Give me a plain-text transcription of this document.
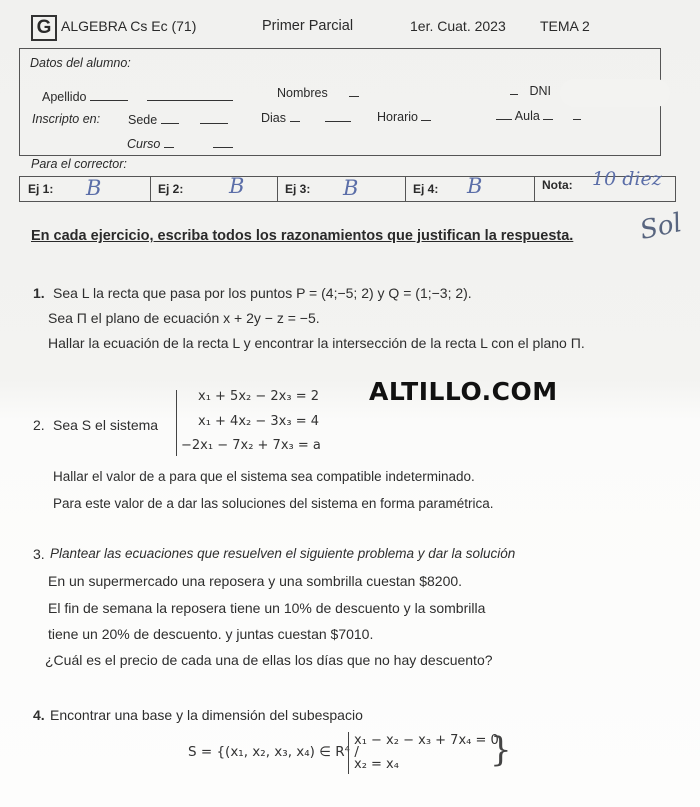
G ALGEBRA Cs Ec (71)	Primer Parcial	1er. Cuat. 2023 TEMA 2
Datos del alumno:
Apellido	Nombres	DNI
Inscripto en: Sede	Dias	Horario	Aula
Curso
Para el corrector:
Ej 1: B	Ej 2: B	Ej 3: B	Ej 4: B	Nota: 10 diez
Sol
En cada ejercicio, escriba todos los razonamientos que justifican la respuesta.
1. Sea L la recta que pasa por los puntos P = (4;−5; 2) y Q = (1;−3; 2).
Sea Π el plano de ecuación x + 2y − z = −5.
Hallar la ecuación de la recta L y encontrar la intersección de la recta L con el plano Π.
ALTILLO.COM
2. Sea S el sistema
x₁ + 5x₂ − 2x₃ = 2
x₁ + 4x₂ − 3x₃ = 4
−2x₁ − 7x₂ + 7x₃ = a
Hallar el valor de a para que el sistema sea compatible indeterminado.
Para este valor de a dar las soluciones del sistema en forma paramétrica.
3. Plantear las ecuaciones que resuelven el siguiente problema y dar la solución
En un supermercado una reposera y una sombrilla cuestan $8200.
El fin de semana la reposera tiene un 10% de descuento y la sombrilla
tiene un 20% de descuento. y juntas cuestan $7010.
¿Cuál es el precio de cada una de ellas los días que no hay descuento?
4. Encontrar una base y la dimensión del subespacio
S = {(x₁, x₂, x₃, x₄) ∈ R⁴ /
x₁ − x₂ − x₃ + 7x₄ = 0
x₂ = x₄	}
